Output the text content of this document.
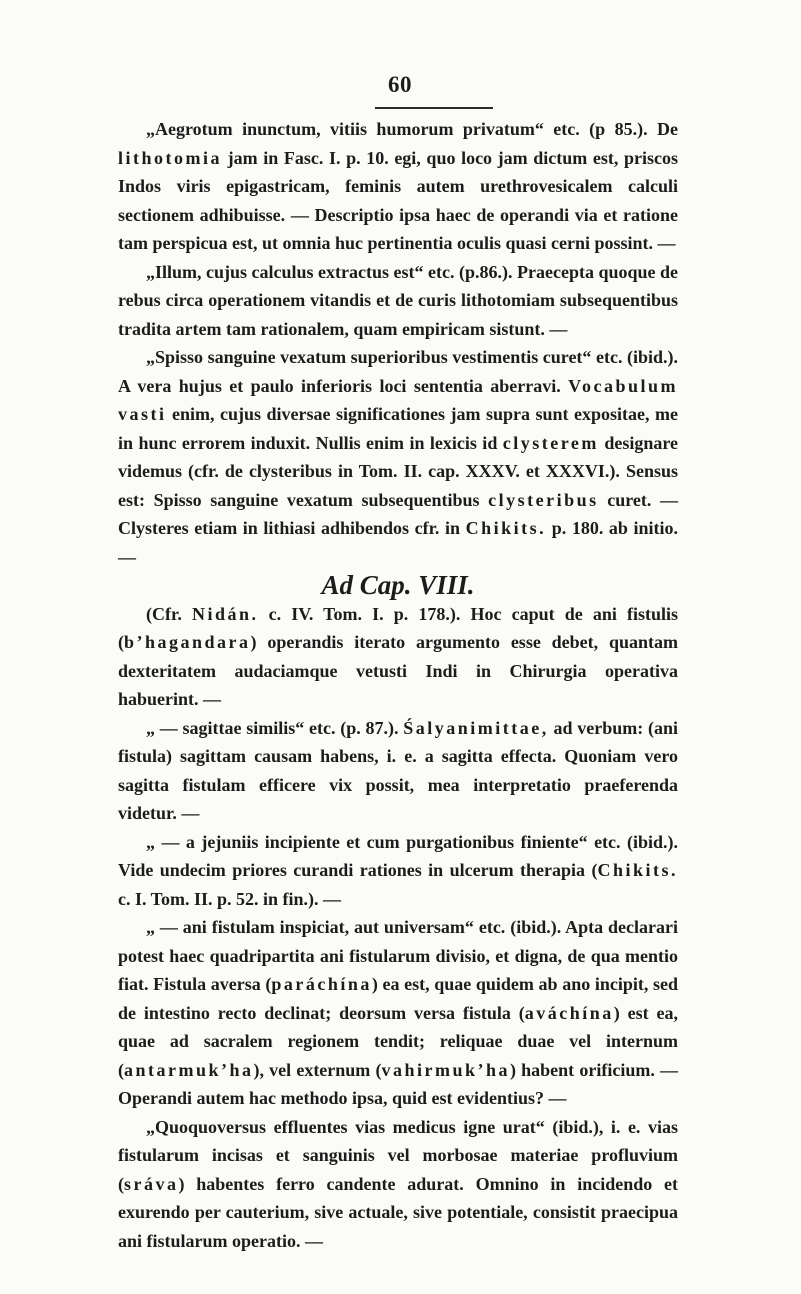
60

„Aegrotum inunctum, vitiis humorum privatum“ etc. (p 85.). De lithotomia jam in Fasc. I. p. 10. egi, quo loco jam dictum est, priscos Indos viris epigastricam, feminis autem urethrovesicalem calculi sectionem adhibuisse. — Descriptio ipsa haec de operandi via et ratione tam perspicua est, ut omnia huc pertinentia oculis quasi cerni possint. —

„Illum, cujus calculus extractus est“ etc. (p.86.). Praecepta quoque de rebus circa operationem vitandis et de curis lithotomiam subsequentibus tradita artem tam rationalem, quam empiricam sistunt. —

„Spisso sanguine vexatum superioribus vestimentis curet“ etc. (ibid.). A vera hujus et paulo inferioris loci sententia aberravi. Vocabulum vasti enim, cujus diversae significationes jam supra sunt expositae, me in hunc errorem induxit. Nullis enim in lexicis id clysterem designare videmus (cfr. de clysteribus in Tom. II. cap. XXXV. et XXXVI.). Sensus est: Spisso sanguine vexatum subsequentibus clysteribus curet. — Clysteres etiam in lithiasi adhibendos cfr. in Chikits. p. 180. ab initio. —

Ad Cap. VIII.

(Cfr. Nidán. c. IV. Tom. I. p. 178.). Hoc caput de ani fistulis (b’hagandara) operandis iterato argumento esse debet, quantam dexteritatem audaciamque vetusti Indi in Chirurgia operativa habuerint. —

„ — sagittae similis“ etc. (p. 87.). Śalyanimittae, ad verbum: (ani fistula) sagittam causam habens, i. e. a sagitta effecta. Quoniam vero sagitta fistulam efficere vix possit, mea interpretatio praeferenda videtur. —

„ — a jejuniis incipiente et cum purgationibus finiente“ etc. (ibid.). Vide undecim priores curandi rationes in ulcerum therapia (Chikits. c. I. Tom. II. p. 52. in fin.). —

„ — ani fistulam inspiciat, aut universam“ etc. (ibid.). Apta declarari potest haec quadripartita ani fistularum divisio, et digna, de qua mentio fiat. Fistula aversa (paráchína) ea est, quae quidem ab ano incipit, sed de intestino recto declinat; deorsum versa fistula (aváchína) est ea, quae ad sacralem regionem tendit; reliquae duae vel internum (antarmuk’ha), vel externum (vahirmuk’ha) habent orificium. — Operandi autem hac methodo ipsa, quid est evidentius? —

„Quoquoversus effluentes vias medicus igne urat“ (ibid.), i. e. vias fistularum incisas et sanguinis vel morbosae materiae profluvium (sráva) habentes ferro candente adurat. Omnino in incidendo et exurendo per cauterium, sive actuale, sive potentiale, consistit praecipua ani fistularum operatio. —
